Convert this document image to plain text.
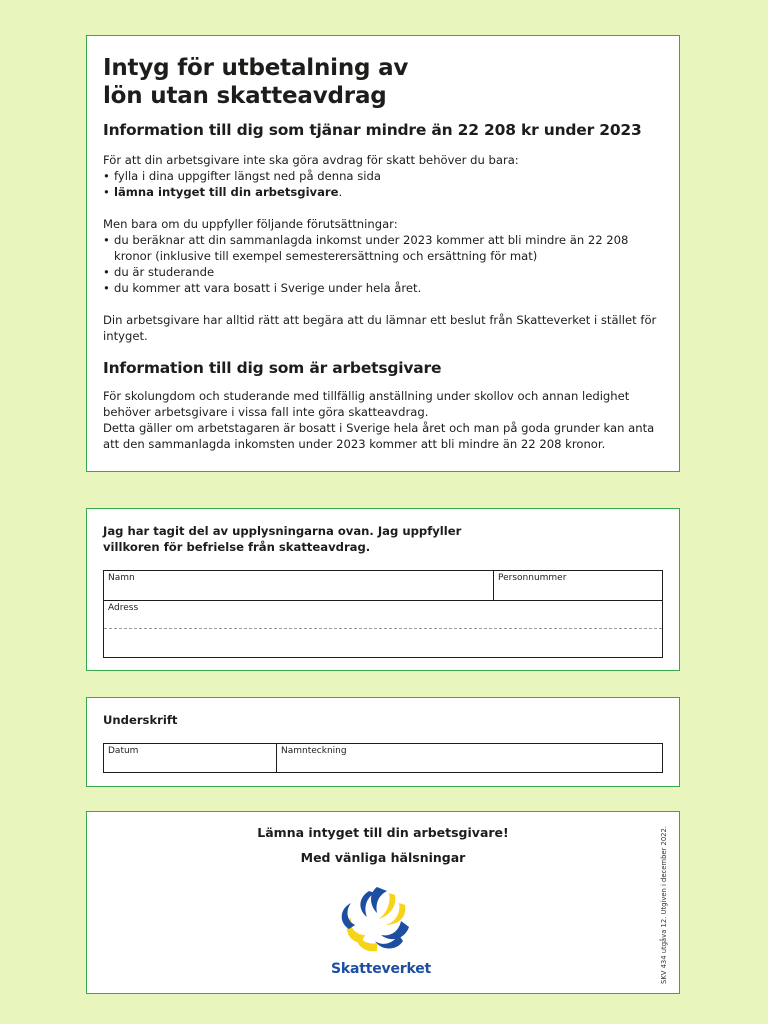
Intyg för utbetalning av
lön utan skatteavdrag
Information till dig som tjänar mindre än 22 208 kr under 2023

För att din arbetsgivare inte ska göra avdrag för skatt behöver du bara:

• fylla i dina uppgifter längst ned på denna sida
• lämna intyget till din arbetsgivare.

Men bara om du uppfyller följande förutsättningar:

• du beräknar att din sammanlagda inkomst under 2023 kommer att bli mindre än 22 208 kronor (inklusive till exempel semesterersättning och ersättning för mat)
• du är studerande
• du kommer att vara bosatt i Sverige under hela året.

Din arbetsgivare har alltid rätt att begära att du lämnar ett beslut från Skatteverket i stället för intyget.

Information till dig som är arbetsgivare

För skolungdom och studerande med tillfällig anställning under skollov och annan ledighet behöver arbetsgivare i vissa fall inte göra skatteavdrag.

Detta gäller om arbetstagaren är bosatt i Sverige hela året och man på goda grunder kan anta att den sammanlagda inkomsten under 2023 kommer att bli mindre än 22 208 kronor.

Jag har tagit del av upplysningarna ovan. Jag uppfyller villkoren för befrielse från skatteavdrag.

Namn	Personnummer
Adress

Underskrift

Datum	Namnteckning
Lämna intyget till din arbetsgivare!
Med vänliga hälsningar
Skatteverket	SKV 434 utgåva 12. Utgiven i december 2022.
